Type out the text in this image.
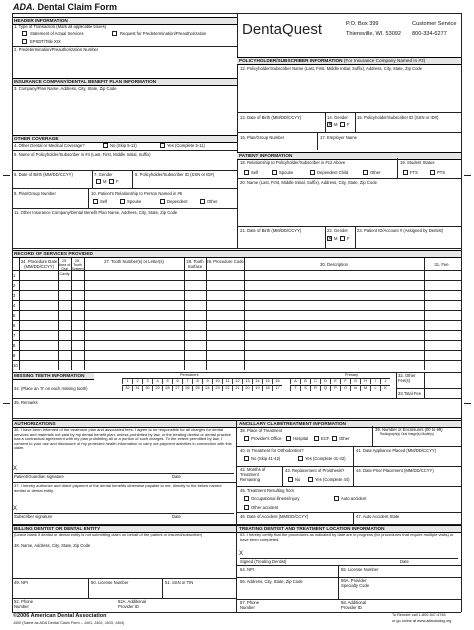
ADA. Dental Claim Form
HEADER INFORMATION
1. Type of Transaction (Mark all applicable boxes)
Statement of Actual Services	Request for Predetermination/Preauthorization
EPSDT/Title XIX
2. Predetermination/Preauthorization Number
INSURANCE COMPANY/DENTAL BENEFIT PLAN INFORMATION
3. Company/Plan Name, Address, City, State, Zip Code
OTHER COVERAGE
4. Other Dental or Medical Coverage?	No (Skip 5-11)	Yes (Complete 5-11)
5. Name of Policyholder/Subscriber in #4 (Last, First, Middle Initial, Suffix)
6. Date of Birth (MM/DD/CCYY)	7. Gender
M F
8. Policyholder/Subscriber ID (SSN or ID#)
9. Plan/Group Number	10. Patient's Relationship to Person Named in #5
Self	Spouse	Dependent	Other
11. Other Insurance Company/Dental Benefit Plan Name, Address, City, State, Zip Code
DentaQuest	P.O. Box 399
Thiensville, WI. 53092
Customer Service
800-334-6277
POLICYHOLDER/SUBSCRIBER INFORMATION (For Insurance Company Named in #3)
12. Policyholder/Subscriber Name (Last, First, Middle Initial, Suffix), Address, City, State, Zip Code
13. Date of Birth (MM/DD/CCYY)	14. Gender
✕ M F
15. Policyholder/Subscriber ID (SSN or ID#)
16. Plan/Group Number	17. Employer Name
PATIENT INFORMATION
18. Relationship to Policyholder/Subscriber in #12 Above	19. Student Status
Self	Spouse	Dependent Child	Other	FTS	PTS
20. Name (Last, First, Middle Initial, Suffix), Address, City, State, Zip Code
21. Date of Birth (MM/DD/CCYY)	22. Gender
✕ M F
23. Patient ID/Account # (Assigned by Dentist)
RECORD OF SERVICES PROVIDED
24. Procedure Date (MM/DD/CCYY)
25. Area of Oral Cavity
26. Tooth System
27. Tooth Number(s) or Letter(s)	28. Tooth Surface
29. Procedure Code
30. Description	31. Fee
1
2
3
4
5
6
7
8
9
10
MISSING TEETH INFORMATION	Permanent	Primary
1	2	3	4	5	6	7	8	9	10	11	12	13	14	15	16
32	31	30	29	28	27	26	25	24	23	22	21	20	19	18	17
A	B	C	D	E	F	G	H	I	J
T	S	R	Q	P	O	N	M	L	K
34. (Place an 'X' on each missing tooth)
32. Other Fee(s)
33.Total Fee
35. Remarks
AUTHORIZATIONS
36. I have been informed of the treatment plan and associated fees. I agree to be responsible for all charges for dental services and materials not paid by my dental benefit plan, unless prohibited by law, or the treating dentist or dental practice has a contractual agreement with my plan prohibiting all or a portion of such charges. To the extent permitted by law, I consent to your use and disclosure of my protected health information to carry out payment activities in connection with this claim.
Patient/Guardian signature	Date
X
37. I hereby authorize and direct payment of the dental benefits otherwise payable to me, directly to the below named dentist or dental entity.
X
Subscriber signature	Date
ANCILLARY CLAIM/TREATMENT INFORMATION
38. Place of Treatment
Provider's Office	Hospital	ECF Other
39. Number of Enclosures (00 to 99)
Radiograph(s) Oral Image(s) Model(s)
40. Is Treatment for Orthodontics?
No (Skip 41-42)	Yes (Complete 41-42)
41. Date Appliance Placed (MM/DD/CCYY)
42. Months of Treatment Remaining
43. Replacement of Prosthesis?
No	Yes (Complete 44)
44. Date Prior Placement (MM/DD/CCYY)
45. Treatment Resulting from
Occupational illness/injury	Auto accident
Other accident
46. Date of Accident (MM/DD/CCYY)	47. Auto Accident State
BILLING DENTIST OR DENTAL ENTITY
(Leave blank if dentist or dental entity is not submitting claim on behalf of the patient or insured/subscriber)
48. Name, Address, City, State, Zip Code
49. NPI	50. License Number	51. SSN or TIN
52. Phone Number
52A. Additional Provider ID
TREATING DENTIST AND TREATMENT LOCATION INFORMATION
53. I hereby certify that the procedures as indicated by date are in progress (for procedures that require multiple visits) or have been completed.
X
Signed (Treating Dentist)	Date
54. NPI	55. License Number
56. Address, City, State, Zip Code	56A. Provider Specialty Code
57. Phone Number
58. Additional Provider ID
©2006 American Dental Association
J400 (Same as ADA Dental Claim Form – J401, J402, J403, J404)
To Reorder call 1-800-947-4746
or go online at www.adacatalog.org
